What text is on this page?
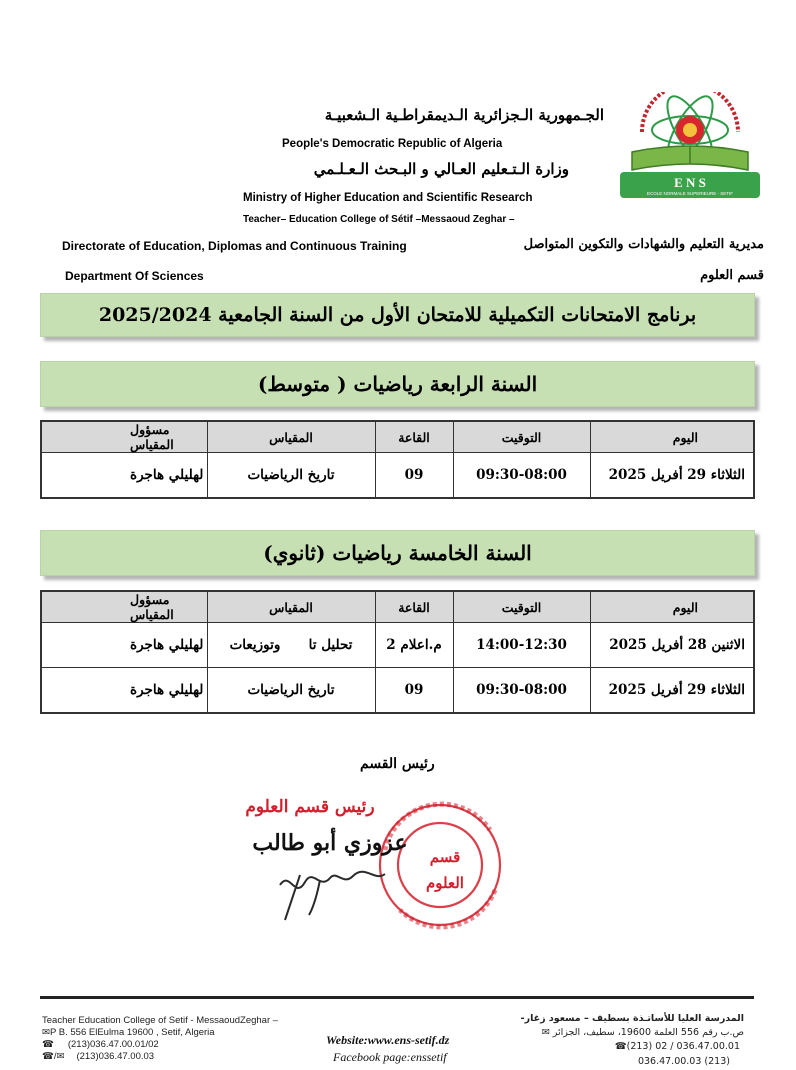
E N S
ECOLE NORMALE SUPERIEURE - SETIF
الجـمهورية الـجزائرية الـديمقراطـية الـشعبيـة
People's Democratic Republic of Algeria
وزارة الـتـعليم العـالي و البـحث الـعـلـمي
Ministry of Higher Education and Scientific Research
Teacher– Education College of Sétif –Messaoud Zeghar –
Directorate of Education, Diplomas and Continuous Training	مديرية التعليم والشهادات والتكوين المتواصل
Department Of Sciences	قسم العلوم
برنامج الامتحانات التكميلية للامتحان الأول من السنة الجامعية 2025/2024
السنة الرابعة رياضيات ( متوسط)
مسؤول المقياس	المقياس	القاعة	التوقيت	اليوم
لهليلي هاجرة	تاريخ الرياضيات	09	09:30-08:00	الثلاثاء 29 أفريل 2025
السنة الخامسة رياضيات (ثانوي)
مسؤول المقياس	المقياس	القاعة	التوقيت	اليوم
لهليلي هاجرة	تحليل تا      وتوزيعات	م.اعلام 2	14:00-12:30	الاثنين 28 أفريل 2025
لهليلي هاجرة	تاريخ الرياضيات	09	09:30-08:00	الثلاثاء 29 أفريل 2025
رئيس القسم
قسم
العلوم
رئيس قسم العلوم
عزوزي أبو طالب
Teacher Education College of Setif - MessaoudZeghar –
✉P B. 556 ElEulma 19600 , Setif, Algeria
☎ (213)036.47.00.01/02
☎/✉ (213)036.47.00.03
Website:www.ens-setif.dz
Facebook page:enssetif
المدرسة العليا للأساتـذة بسطيف – مسعود زغار-
ص.ب رقم 556 العلمة 19600، سطيف، الجزائر ✉
036.47.00.01 / 02 (213)☎
(213) 036.47.00.03
